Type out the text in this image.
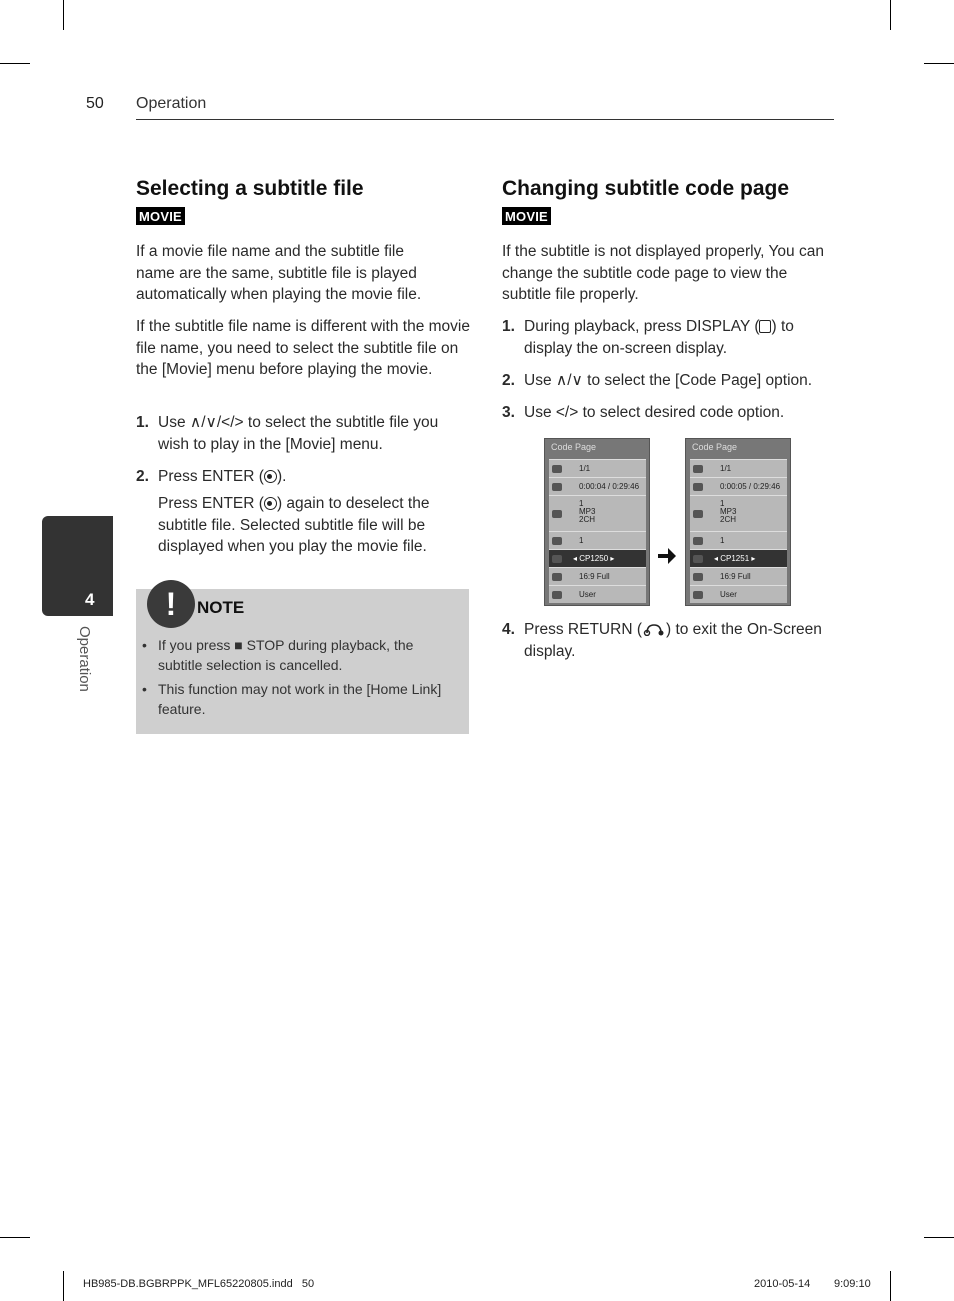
50 Operation
4
Operation
Selecting a subtitle file
MOVIE

If a movie file name and the subtitle file name are the same, subtitle file is played automatically when playing the movie file.

If the subtitle file name is different with the movie file name, you need to select the subtitle file on the [Movie] menu before playing the movie.

1. Use ∧/∨/</> to select the subtitle file you
wish to play in the [Movie] menu.
2. Press ENTER ( ).
Press ENTER ( ) again to deselect the
subtitle file. Selected subtitle file will be
displayed when you play the movie file.
!	NOTE
• If you press ■ STOP during playback, the subtitle selection is cancelled.
• This function may not work in the [Home Link] feature.
Changing subtitle code page
MOVIE

If the subtitle is not displayed properly, You can change the subtitle code page to view the subtitle file properly.

1. During playback, press DISPLAY ( ) to
display the on-screen display.
2. Use ∧/∨ to select the [Code Page] option.
3. Use </> to select desired code option.
Code Page
1/1
0:00:04 / 0:29:46
1
MP3
2CH
1
◂ CP1250 ▸
16:9 Full
User
Code Page
1/1
0:00:05 / 0:29:46
1
MP3
2CH
1
◂ CP1251 ▸
16:9 Full
User
4. Press RETURN ( ) to exit the On-Screen
display.
HB985-DB.BGBRPPK_MFL65220805.indd   50	2010-05-14 9:09:10
